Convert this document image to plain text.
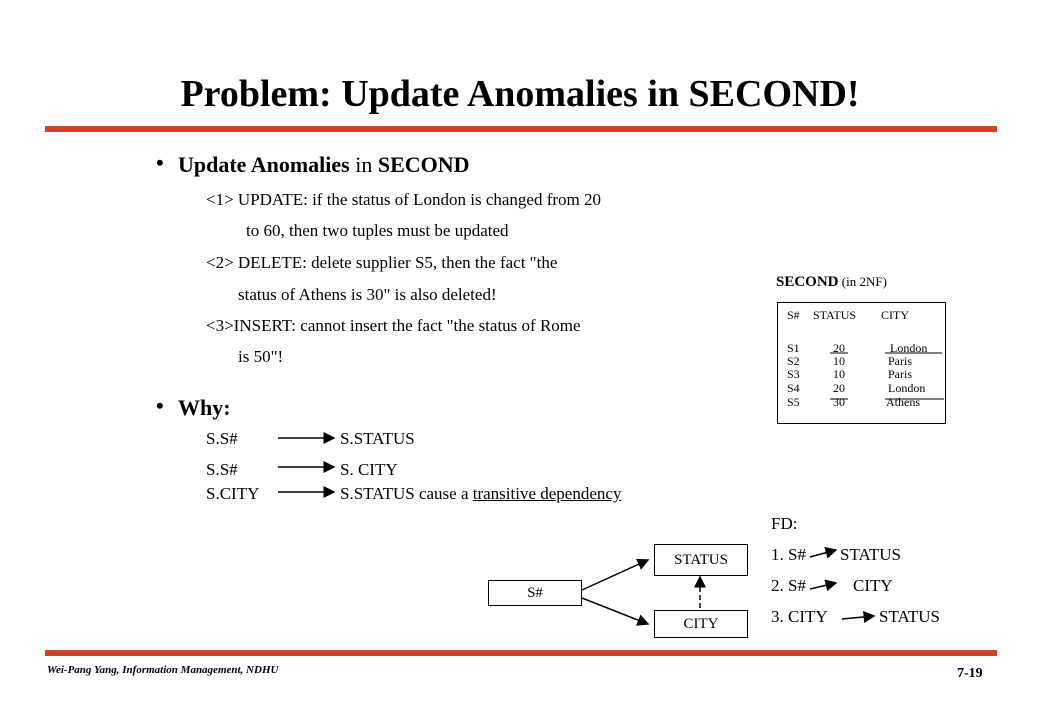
Problem: Update Anomalies in SECOND!
• Update Anomalies in SECOND
<1> UPDATE: if the status of London is changed from 20
to 60, then two tuples must be updated
<2> DELETE: delete supplier S5, then the fact "the
status of Athens is 30" is also deleted!
<3>INSERT: cannot insert the fact "the status of Rome
is 50"!
• Why:
S.S#	S.STATUS
S.S#	S. CITY
S.CITY	S.STATUS cause a transitive dependency
SECOND (in 2NF)
S# STATUS CITY
S1	20	London
S2	10	Paris
S3	10	Paris
S4	20	London
S5	30	Athens
FD:
1. S# STATUS
2. S#	CITY
3. CITY	STATUS
S#
STATUS
CITY
Wei-Pang Yang, Information Management, NDHU	7-19
